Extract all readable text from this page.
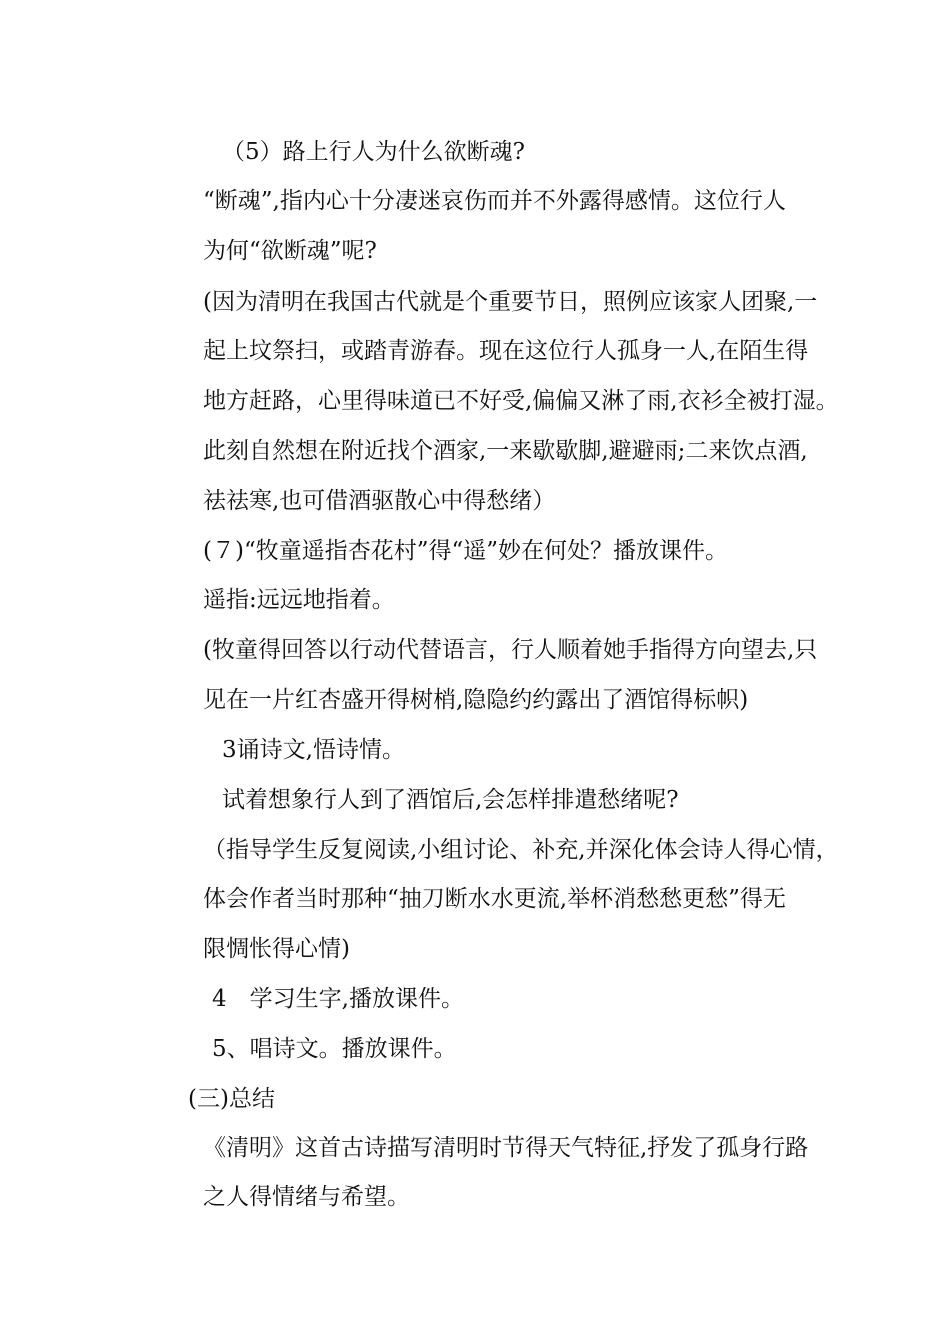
（5）路上行人为什么欲断魂?
“断魂”,指内心十分凄迷哀伤而并不外露得感情。这位行人
为何“欲断魂”呢?
(因为清明在我国古代就是个重要节日，照例应该家人团聚,一
起上坟祭扫，或踏青游春。现在这位行人孤身一人,在陌生得
地方赶路，心里得味道已不好受,偏偏又淋了雨,衣衫全被打湿。
此刻自然想在附近找个酒家,一来歇歇脚,避避雨;二来饮点酒,
祛祛寒,也可借酒驱散心中得愁绪）
(７)“牧童遥指杏花村”得“遥”妙在何处？播放课件。
遥指:远远地指着。
(牧童得回答以行动代替语言，行人顺着她手指得方向望去,只
见在一片红杏盛开得树梢,隐隐约约露出了酒馆得标帜)
3诵诗文,悟诗情。
试着想象行人到了酒馆后,会怎样排遣愁绪呢?
（指导学生反复阅读,小组讨论、补充,并深化体会诗人得心情，
体会作者当时那种“抽刀断水水更流,举杯消愁愁更愁”得无
限惆怅得心情)
4　学习生字,播放课件。
5、唱诗文。播放课件。
(三)总结
《清明》这首古诗描写清明时节得天气特征,抒发了孤身行路
之人得情绪与希望。
